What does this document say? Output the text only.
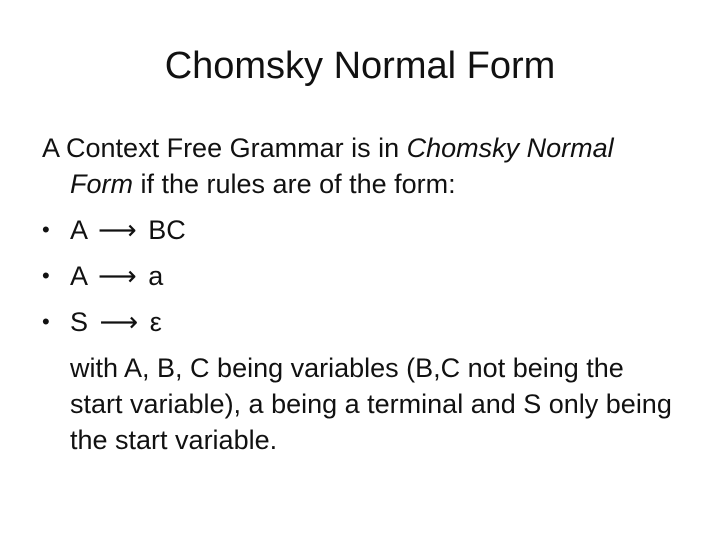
Chomsky Normal Form

A Context Free Grammar is in Chomsky Normal Form if the rules are of the form:

• A ⟶ BC
• A ⟶ a
• S ⟶ ε

with A, B, C being variables (B,C not being the start variable), a being a terminal and S only being the start variable.
